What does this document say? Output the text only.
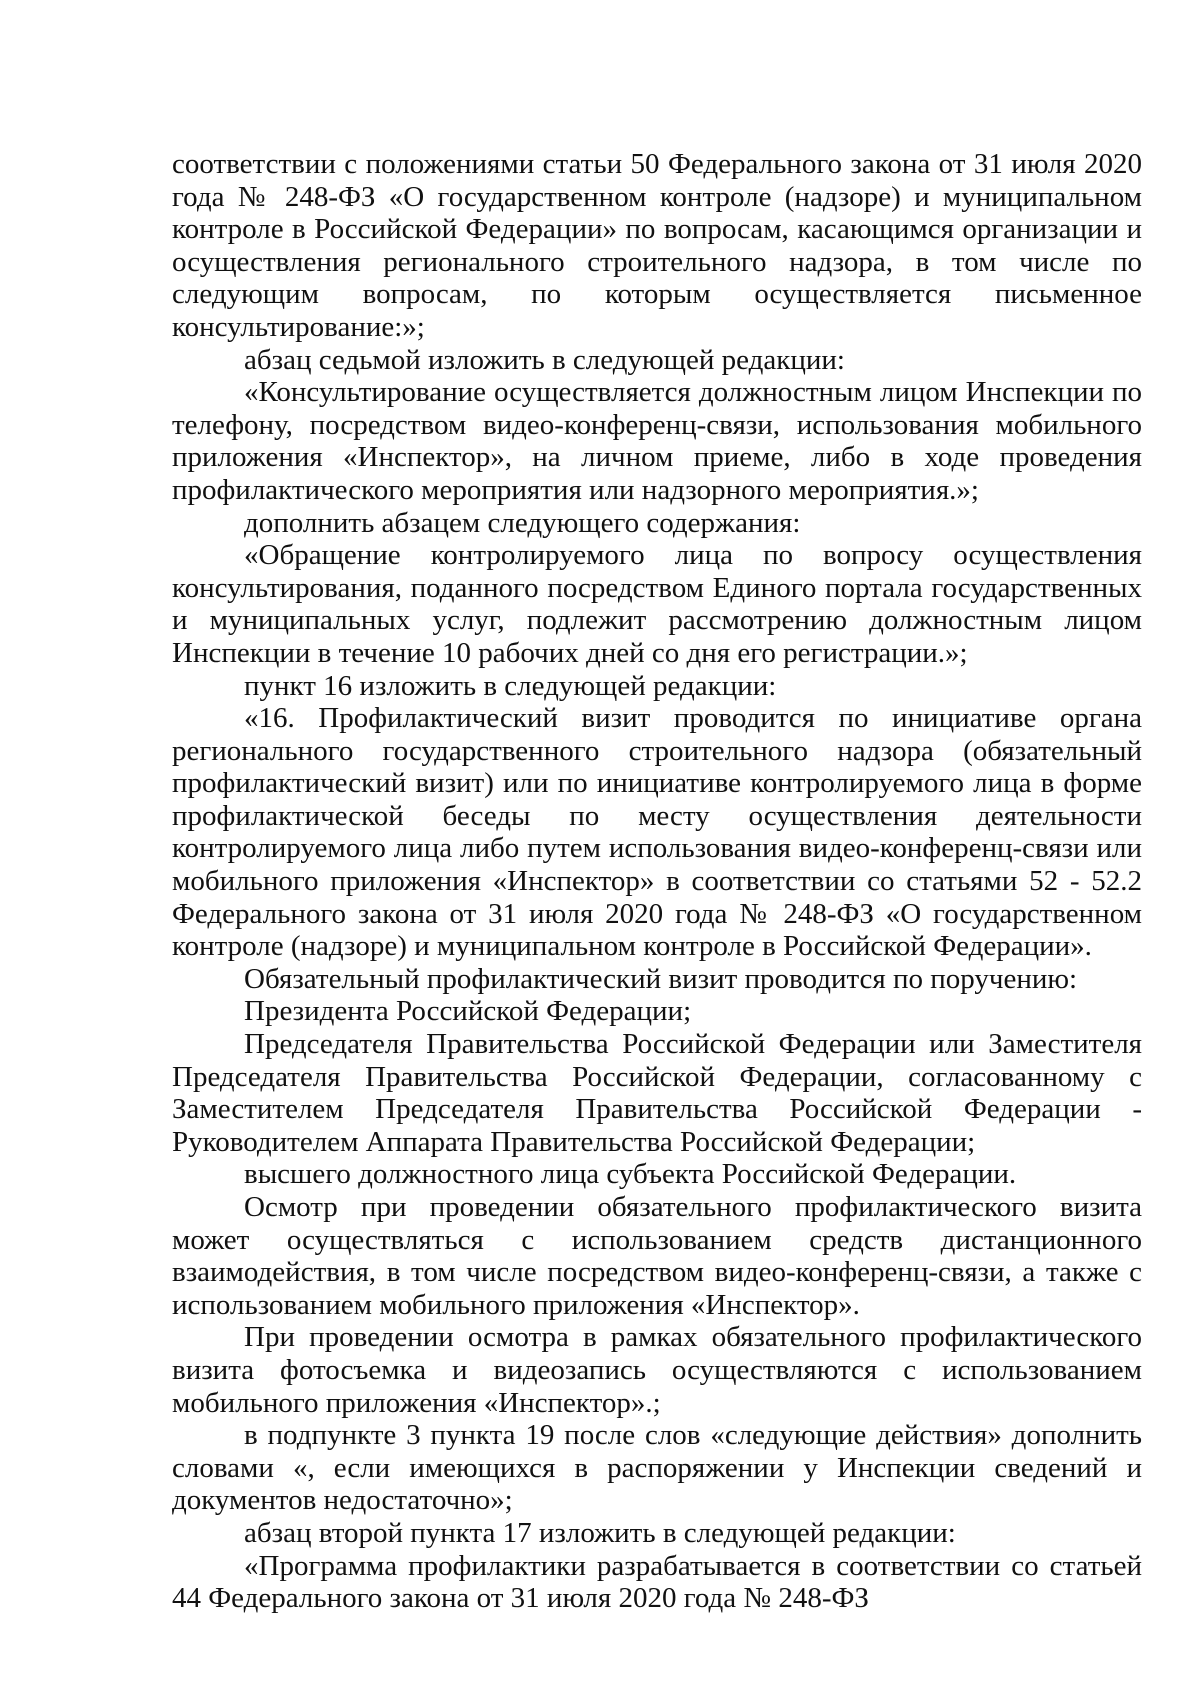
соответствии с положениями статьи 50 Федерального закона от 31 июля 2020 года № 248-ФЗ «О государственном контроле (надзоре) и муниципальном контроле в Российской Федерации» по вопросам, касающимся организации и осуществления регионального строительного надзора, в том числе по следующим вопросам, по которым осуществляется письменное консультирование:»;

абзац седьмой изложить в следующей редакции:

«Консультирование осуществляется должностным лицом Инспекции по телефону, посредством видео-конференц-связи, использования мобильного приложения «Инспектор», на личном приеме, либо в ходе проведения профилактического мероприятия или надзорного мероприятия.»;

дополнить абзацем следующего содержания:

«Обращение контролируемого лица по вопросу осуществления консультирования, поданного посредством Единого портала государственных и муниципальных услуг, подлежит рассмотрению должностным лицом Инспекции в течение 10 рабочих дней со дня его регистрации.»;

пункт 16 изложить в следующей редакции:

«16. Профилактический визит проводится по инициативе органа регионального государственного строительного надзора (обязательный профилактический визит) или по инициативе контролируемого лица в форме профилактической беседы по месту осуществления деятельности контролируемого лица либо путем использования видео-конференц-связи или мобильного приложения «Инспектор» в соответствии со статьями 52 - 52.2 Федерального закона от 31 июля 2020 года № 248-ФЗ «О государственном контроле (надзоре) и муниципальном контроле в Российской Федерации».

Обязательный профилактический визит проводится по поручению:

Президента Российской Федерации;

Председателя Правительства Российской Федерации или Заместителя Председателя Правительства Российской Федерации, согласованному с Заместителем Председателя Правительства Российской Федерации - Руководителем Аппарата Правительства Российской Федерации;

высшего должностного лица субъекта Российской Федерации.

Осмотр при проведении обязательного профилактического визита может осуществляться с использованием средств дистанционного взаимодействия, в том числе посредством видео-конференц-связи, а также с использованием мобильного приложения «Инспектор».

При проведении осмотра в рамках обязательного профилактического визита фотосъемка и видеозапись осуществляются с использованием мобильного приложения «Инспектор».;

в подпункте 3 пункта 19 после слов «следующие действия» дополнить словами «, если имеющихся в распоряжении у Инспекции сведений и документов недостаточно»;

абзац второй пункта 17 изложить в следующей редакции:

«Программа профилактики разрабатывается в соответствии со статьей 44 Федерального закона от 31 июля 2020 года № 248-ФЗ
